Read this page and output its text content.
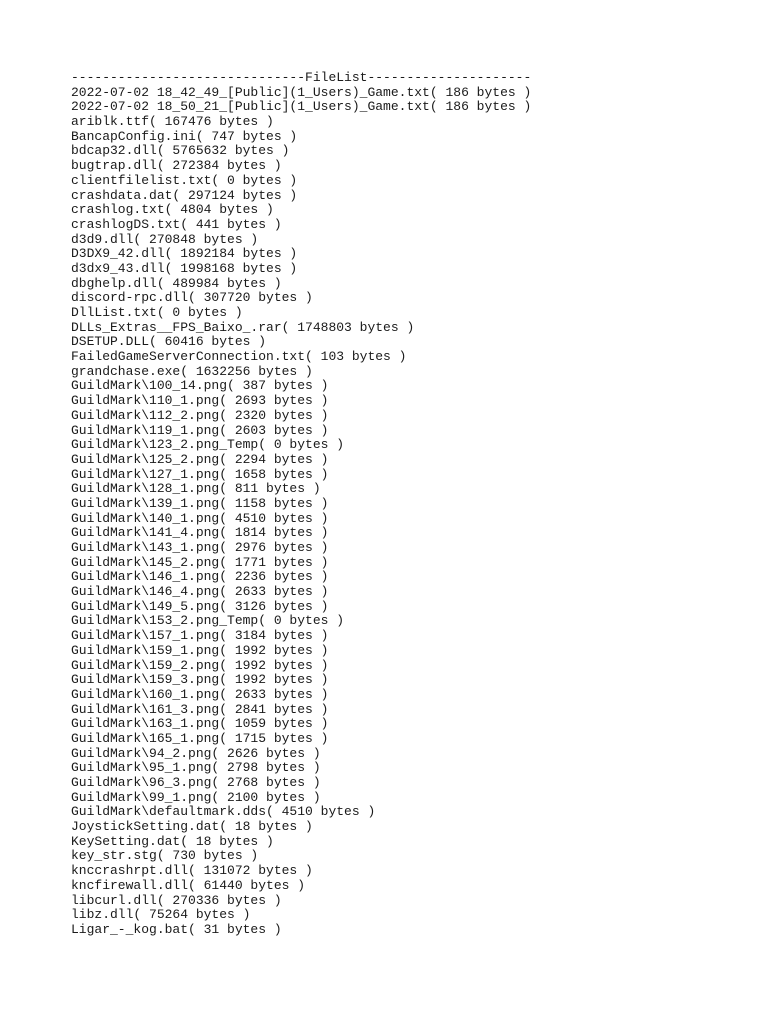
------------------------------FileList---------------------
2022-07-02 18_42_49_[Public](1_Users)_Game.txt( 186 bytes )
2022-07-02 18_50_21_[Public](1_Users)_Game.txt( 186 bytes )
ariblk.ttf( 167476 bytes )
BancapConfig.ini( 747 bytes )
bdcap32.dll( 5765632 bytes )
bugtrap.dll( 272384 bytes )
clientfilelist.txt( 0 bytes )
crashdata.dat( 297124 bytes )
crashlog.txt( 4804 bytes )
crashlogDS.txt( 441 bytes )
d3d9.dll( 270848 bytes )
D3DX9_42.dll( 1892184 bytes )
d3dx9_43.dll( 1998168 bytes )
dbghelp.dll( 489984 bytes )
discord-rpc.dll( 307720 bytes )
DllList.txt( 0 bytes )
DLLs_Extras__FPS_Baixo_.rar( 1748803 bytes )
DSETUP.DLL( 60416 bytes )
FailedGameServerConnection.txt( 103 bytes )
grandchase.exe( 1632256 bytes )
GuildMark\100_14.png( 387 bytes )
GuildMark\110_1.png( 2693 bytes )
GuildMark\112_2.png( 2320 bytes )
GuildMark\119_1.png( 2603 bytes )
GuildMark\123_2.png_Temp( 0 bytes )
GuildMark\125_2.png( 2294 bytes )
GuildMark\127_1.png( 1658 bytes )
GuildMark\128_1.png( 811 bytes )
GuildMark\139_1.png( 1158 bytes )
GuildMark\140_1.png( 4510 bytes )
GuildMark\141_4.png( 1814 bytes )
GuildMark\143_1.png( 2976 bytes )
GuildMark\145_2.png( 1771 bytes )
GuildMark\146_1.png( 2236 bytes )
GuildMark\146_4.png( 2633 bytes )
GuildMark\149_5.png( 3126 bytes )
GuildMark\153_2.png_Temp( 0 bytes )
GuildMark\157_1.png( 3184 bytes )
GuildMark\159_1.png( 1992 bytes )
GuildMark\159_2.png( 1992 bytes )
GuildMark\159_3.png( 1992 bytes )
GuildMark\160_1.png( 2633 bytes )
GuildMark\161_3.png( 2841 bytes )
GuildMark\163_1.png( 1059 bytes )
GuildMark\165_1.png( 1715 bytes )
GuildMark\94_2.png( 2626 bytes )
GuildMark\95_1.png( 2798 bytes )
GuildMark\96_3.png( 2768 bytes )
GuildMark\99_1.png( 2100 bytes )
GuildMark\defaultmark.dds( 4510 bytes )
JoystickSetting.dat( 18 bytes )
KeySetting.dat( 18 bytes )
key_str.stg( 730 bytes )
knccrashrpt.dll( 131072 bytes )
kncfirewall.dll( 61440 bytes )
libcurl.dll( 270336 bytes )
libz.dll( 75264 bytes )
Ligar_-_kog.bat( 31 bytes )
